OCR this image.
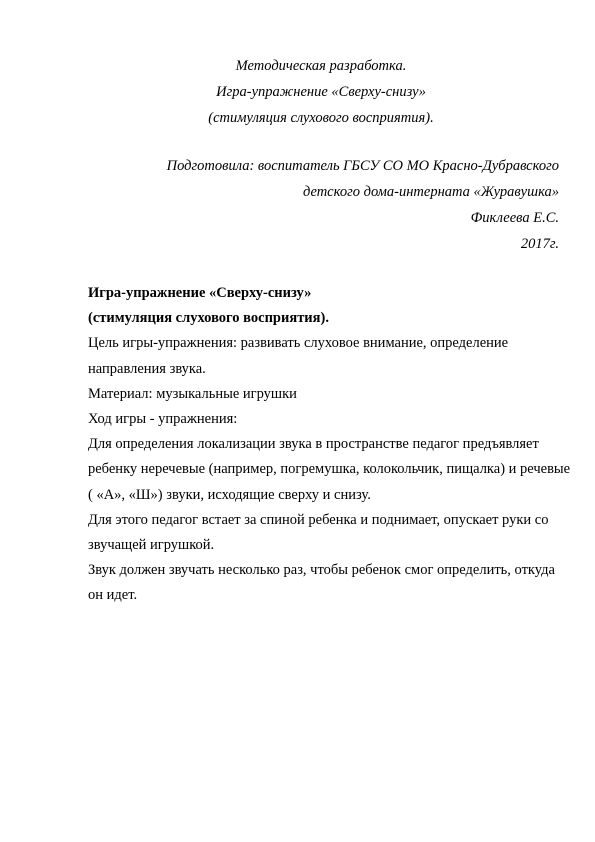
Методическая разработка.
Игра-упражнение «Сверху-снизу»
(стимуляция слухового восприятия).
Подготовила: воспитатель ГБСУ СО МО Красно-Дубравского
детского дома-интерната «Журавушка»
Фиклеева Е.С.
2017г.
Игра-упражнение «Сверху-снизу»
(стимуляция слухового восприятия).
Цель игры-упражнения: развивать слуховое внимание, определение
направления звука.
Материал: музыкальные игрушки
Ход игры - упражнения:
Для определения локализации звука в пространстве педагог предъявляет
ребенку неречевые (например, погремушка, колокольчик, пищалка) и речевые
( «А», «Ш») звуки, исходящие сверху и снизу.
Для этого педагог встает за спиной ребенка и поднимает, опускает руки со
звучащей игрушкой.
Звук должен звучать несколько раз, чтобы ребенок смог определить, откуда
он идет.
